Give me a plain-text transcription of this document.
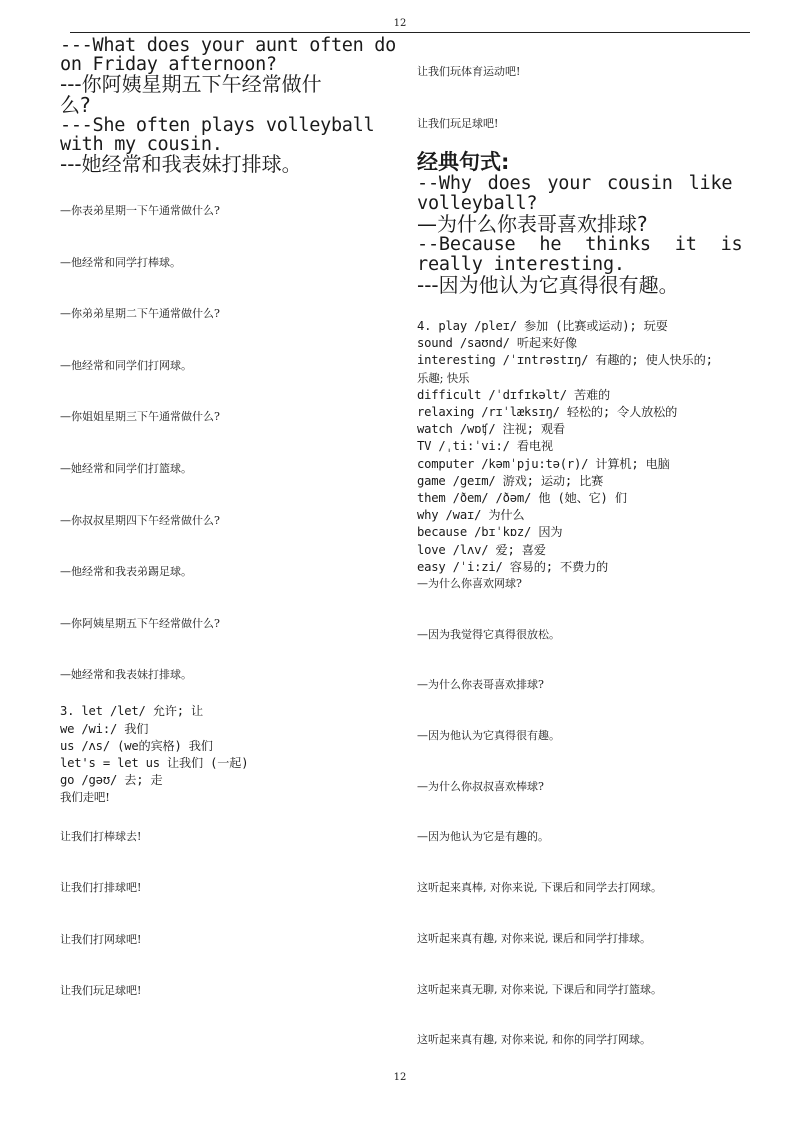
12

---What does your aunt often do

on Friday afternoon?

---你阿姨星期五下午经常做什

么?

---She often plays volleyball

with my cousin.

---她经常和我表妹打排球。

—你表弟星期一下午通常做什么?

—他经常和同学打棒球。

—你弟弟星期二下午通常做什么?

—他经常和同学们打网球。

—你姐姐星期三下午通常做什么?

—她经常和同学们打篮球。

—你叔叔星期四下午经常做什么?

—他经常和我表弟踢足球。

—你阿姨星期五下午经常做什么?

—她经常和我表妹打排球。

3. let /let/ 允许; 让

we /wi:/ 我们

us /ʌs/ (we的宾格) 我们

let's = let us 让我们 (一起)

go /gəʊ/ 去; 走

我们走吧!

让我们打棒球去!

让我们打排球吧!

让我们打网球吧!

让我们玩足球吧!

让我们玩体育运动吧!

让我们玩足球吧!

经典句式:

--Why does your cousin like

volleyball?

—为什么你表哥喜欢排球?

--Because he thinks it is

really interesting.

---因为他认为它真得很有趣。

4. play /pleɪ/ 参加 (比赛或运动); 玩耍

sound /saʊnd/ 听起来好像

interesting /ˈɪntrəstɪŋ/ 有趣的; 使人快乐的;

乐趣; 快乐

difficult /ˈdɪfɪkəlt/ 苦难的

relaxing /rɪˈlæksɪŋ/ 轻松的; 令人放松的

watch /wɒʧ/ 注视; 观看

TV /ˌti:ˈvi:/ 看电视

computer /kəmˈpju:tə(r)/ 计算机; 电脑

game /geɪm/ 游戏; 运动; 比赛

them /ðem/ /ðəm/ 他 (她、它) 们

why /waɪ/ 为什么

because /bɪˈkɒz/ 因为

love /lʌv/ 爱; 喜爱

easy /ˈi:zi/ 容易的; 不费力的

—为什么你喜欢网球?

—因为我觉得它真得很放松。

—为什么你表哥喜欢排球?

—因为他认为它真得很有趣。

—为什么你叔叔喜欢棒球?

—因为他认为它是有趣的。

这听起来真棒, 对你来说, 下课后和同学去打网球。

这听起来真有趣, 对你来说, 课后和同学打排球。

这听起来真无聊, 对你来说, 下课后和同学打篮球。

这听起来真有趣, 对你来说, 和你的同学打网球。

12
